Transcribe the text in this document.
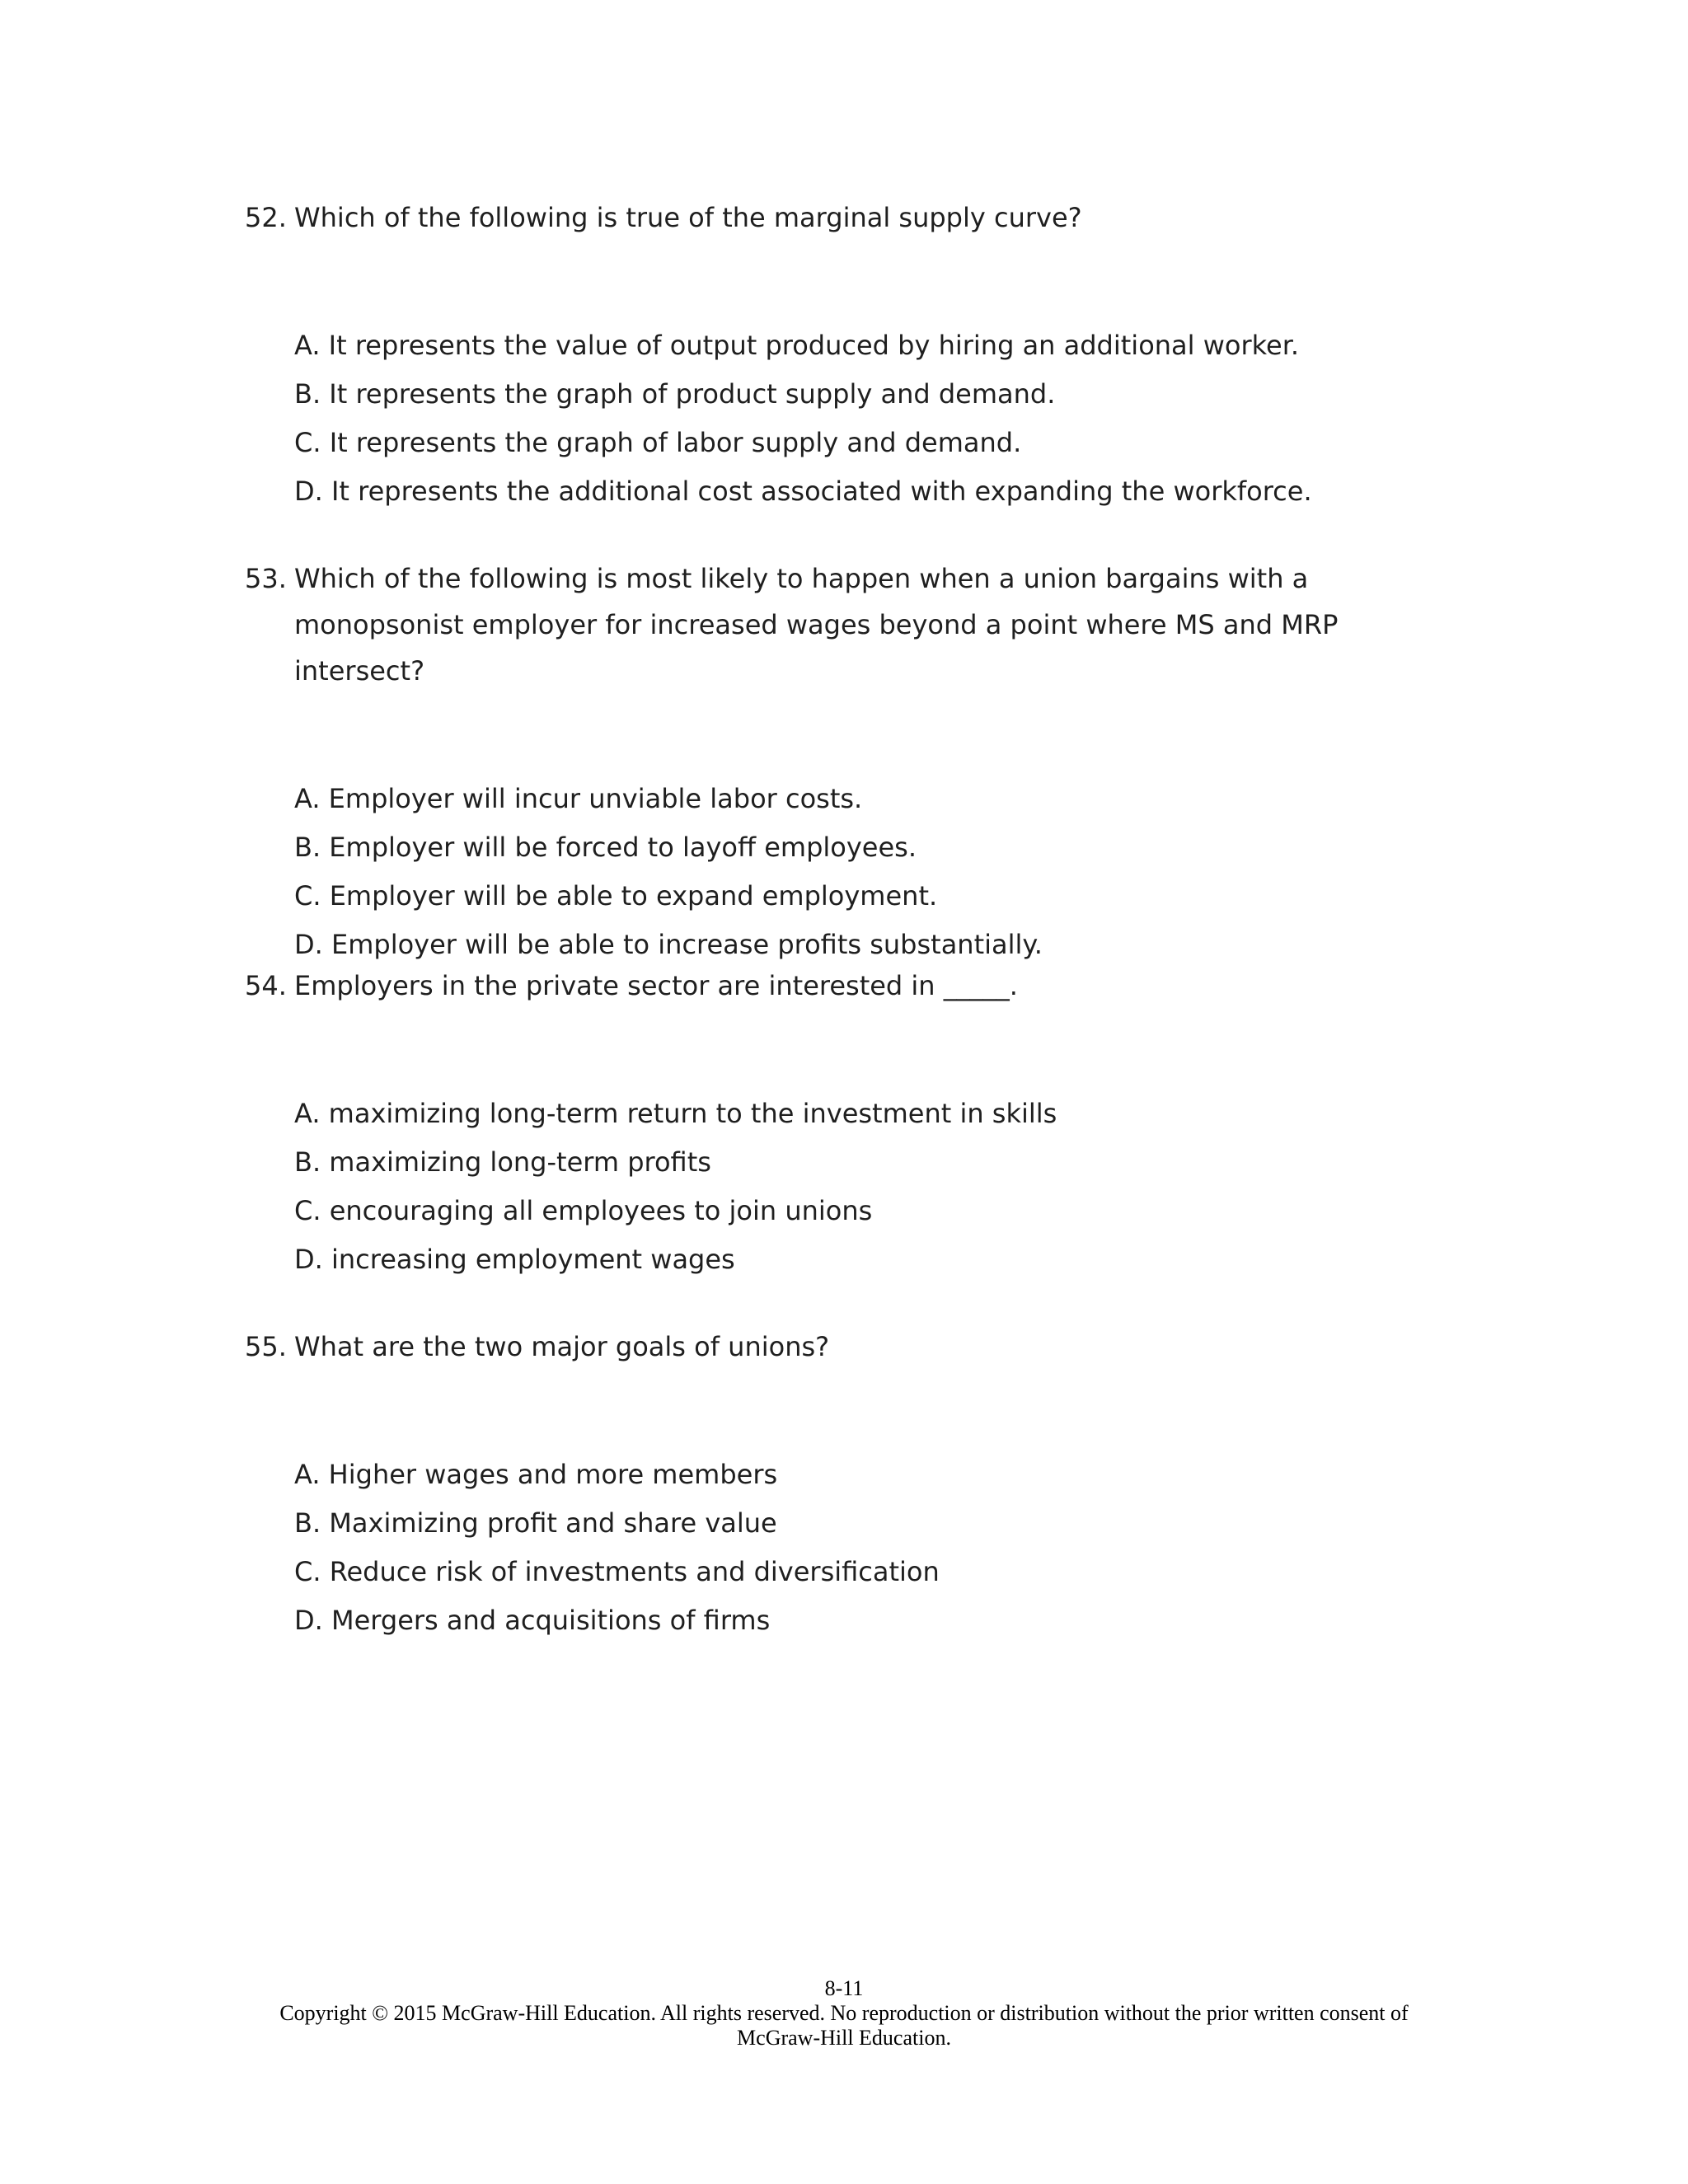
52. Which of the following is true of the marginal supply curve?
A. It represents the value of output produced by hiring an additional worker.
B. It represents the graph of product supply and demand.
C. It represents the graph of labor supply and demand.
D. It represents the additional cost associated with expanding the workforce.
53. Which of the following is most likely to happen when a union bargains with a monopsonist employer for increased wages beyond a point where MS and MRP intersect?
A. Employer will incur unviable labor costs.
B. Employer will be forced to layoff employees.
C. Employer will be able to expand employment.
D. Employer will be able to increase profits substantially.
54. Employers in the private sector are interested in _____.
A. maximizing long-term return to the investment in skills
B. maximizing long-term profits
C. encouraging all employees to join unions
D. increasing employment wages
55. What are the two major goals of unions?
A. Higher wages and more members
B. Maximizing profit and share value
C. Reduce risk of investments and diversification
D. Mergers and acquisitions of firms
8-11
Copyright © 2015 McGraw-Hill Education. All rights reserved. No reproduction or distribution without the prior written consent of
McGraw-Hill Education.
